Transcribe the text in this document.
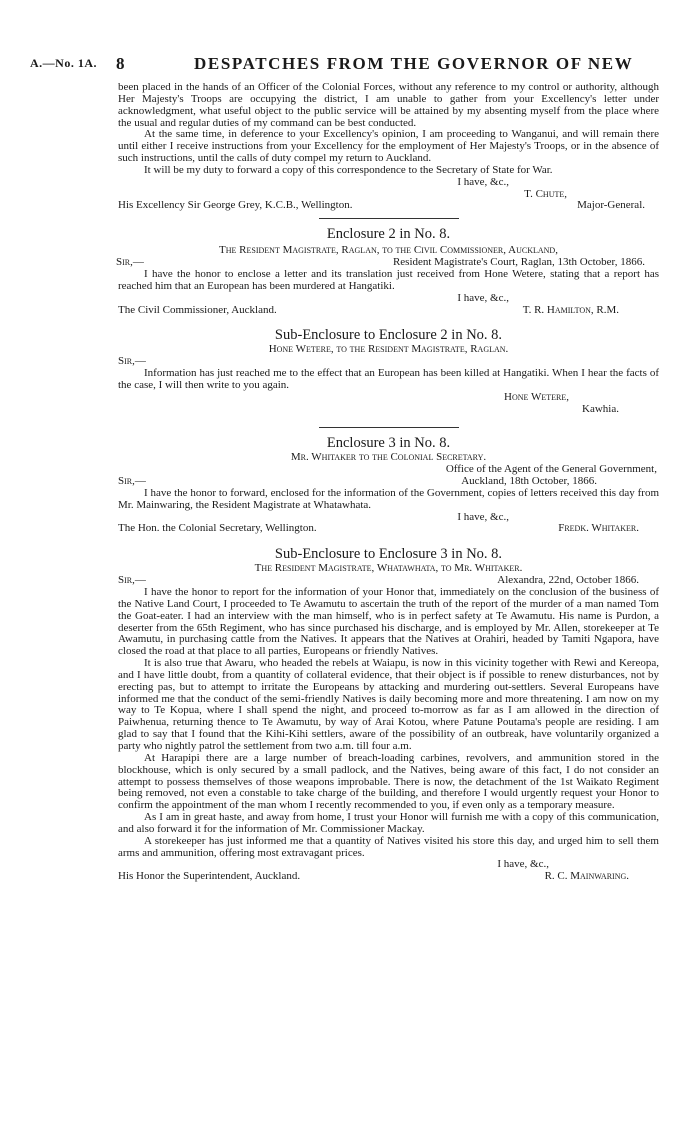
A.—No. 1A. 8	DESPATCHES FROM THE GOVERNOR OF NEW

been placed in the hands of an Officer of the Colonial Forces, without any reference to my control or authority, although Her Majesty's Troops are occupying the district, I am unable to gather from your Excellency's letter under acknowledgment, what useful object to the public service will be attained by my absenting myself from the place where the usual and regular duties of my command can be best conducted.

At the same time, in deference to your Excellency's opinion, I am proceeding to Wanganui, and will remain there until either I receive instructions from your Excellency for the employment of Her Majesty's Troops, or in the absence of such instructions, until the calls of duty compel my return to Auckland.

It will be my duty to forward a copy of this correspondence to the Secretary of State for War.

I have, &c.,

T. Chute,

His Excellency Sir George Grey, K.C.B., Wellington.	Major-General.
Enclosure 2 in No. 8.

The Resident Magistrate, Raglan, to the Civil Commissioner, Auckland,

Sir,—	Resident Magistrate's Court, Raglan, 13th October, 1866.

I have the honor to enclose a letter and its translation just received from Hone Wetere, stating that a report has reached him that an European has been murdered at Hangatiki.

I have, &c.,

The Civil Commissioner, Auckland.	T. R. Hamilton, R.M.
Sub-Enclosure to Enclosure 2 in No. 8.

Hone Wetere, to the Resident Magistrate, Raglan.

Sir,—

Information has just reached me to the effect that an European has been killed at Hangatiki. When I hear the facts of the case, I will then write to you again.

Hone Wetere,

Kawhia.

Enclosure 3 in No. 8.

Mr. Whitaker to the Colonial Secretary.

Office of the Agent of the General Government,

Sir,—	Auckland, 18th October, 1866.

I have the honor to forward, enclosed for the information of the Government, copies of letters received this day from Mr. Mainwaring, the Resident Magistrate at Whatawhata.

I have, &c.,

The Hon. the Colonial Secretary, Wellington.	Fredk. Whitaker.
Sub-Enclosure to Enclosure 3 in No. 8.

The Resident Magistrate, Whatawhata, to Mr. Whitaker.

Sir,—	Alexandra, 22nd, October 1866.

I have the honor to report for the information of your Honor that, immediately on the conclusion of the business of the Native Land Court, I proceeded to Te Awamutu to ascertain the truth of the report of the murder of a man named Tom the Goat-eater. I had an interview with the man himself, who is in perfect safety at Te Awamutu. His name is Purdon, a deserter from the 65th Regiment, who has since purchased his discharge, and is employed by Mr. Allen, storekeeper at Te Awamutu, in purchasing cattle from the Natives. It appears that the Natives at Orahiri, headed by Tamiti Ngapora, have closed the road at that place to all parties, Europeans or friendly Natives.

It is also true that Awaru, who headed the rebels at Waiapu, is now in this vicinity together with Rewi and Kereopa, and I have little doubt, from a quantity of collateral evidence, that their object is if possible to renew disturbances, not by erecting pas, but to attempt to irritate the Europeans by attacking and murdering out-settlers. Several Europeans have informed me that the conduct of the semi-friendly Natives is daily becoming more and more threatening. I am now on my way to Te Kopua, where I shall spend the night, and proceed to-morrow as far as I am allowed in the direction of Paiwhenua, returning thence to Te Awamutu, by way of Arai Kotou, where Patune Poutama's people are residing. I am glad to say that I found that the Kihi-Kihi settlers, aware of the possibility of an outbreak, have voluntarily organized a party who nightly patrol the settlement from two a.m. till four a.m.

At Harapipi there are a large number of breach-loading carbines, revolvers, and ammunition stored in the blockhouse, which is only secured by a small padlock, and the Natives, being aware of this fact, I do not consider an attempt to possess themselves of those weapons improbable. There is now, the detachment of the 1st Waikato Regiment being removed, not even a constable to take charge of the building, and therefore I would urgently request your Honor to confirm the appointment of the man whom I recently recommended to you, if even only as a temporary measure.

As I am in great haste, and away from home, I trust your Honor will furnish me with a copy of this communication, and also forward it for the information of Mr. Commissioner Mackay.

A storekeeper has just informed me that a quantity of Natives visited his store this day, and urged him to sell them arms and ammunition, offering most extravagant prices.

I have, &c.,

His Honor the Superintendent, Auckland.	R. C. Mainwaring.
